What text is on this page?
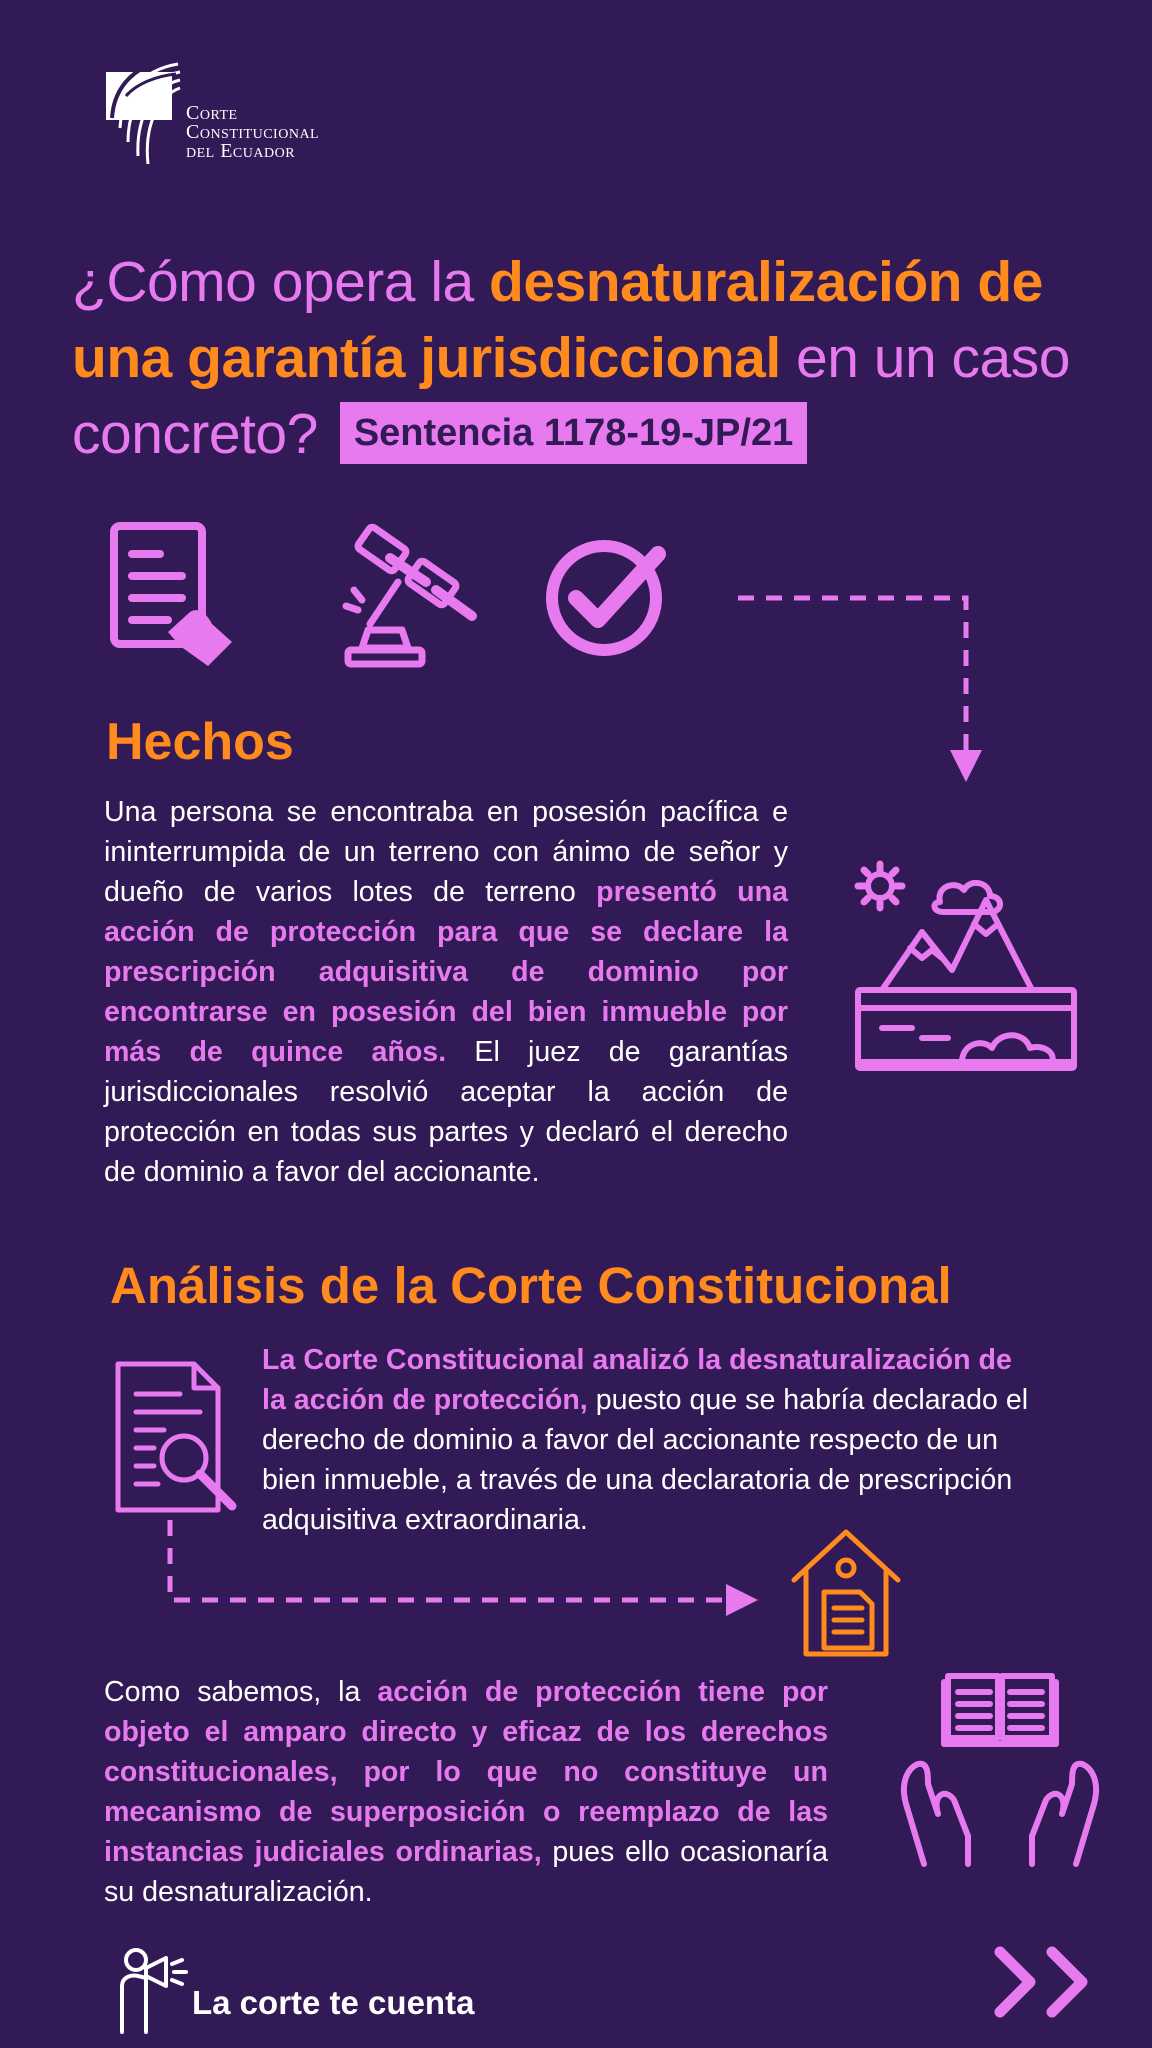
Corte
Constitucional
del Ecuador
¿Cómo opera la desnaturalización de una garantía jurisdiccional en un caso concreto? Sentencia 1178-19-JP/21
Hechos
Una persona se encontraba en posesión pacífica e ininterrumpida de un terreno con ánimo de señor y dueño de varios lotes de terreno presentó una acción de protección para que se declare la prescripción adquisitiva de dominio por encontrarse en posesión del bien inmueble por más de quince años. El juez de garantías jurisdiccionales resolvió aceptar la acción de protección en todas sus partes y declaró el derecho de dominio a favor del accionante.
Análisis de la Corte Constitucional
La Corte Constitucional analizó la desnaturalización de la acción de protección, puesto que se habría declarado el derecho de dominio a favor del accionante respecto de un bien inmueble, a través de una declaratoria de prescripción adquisitiva extraordinaria.
Como sabemos, la acción de protección tiene por objeto el amparo directo y eficaz de los derechos constitucionales, por lo que no constituye un mecanismo de superposición o reemplazo de las instancias judiciales ordinarias, pues ello ocasionaría su desnaturalización.
La corte te cuenta
